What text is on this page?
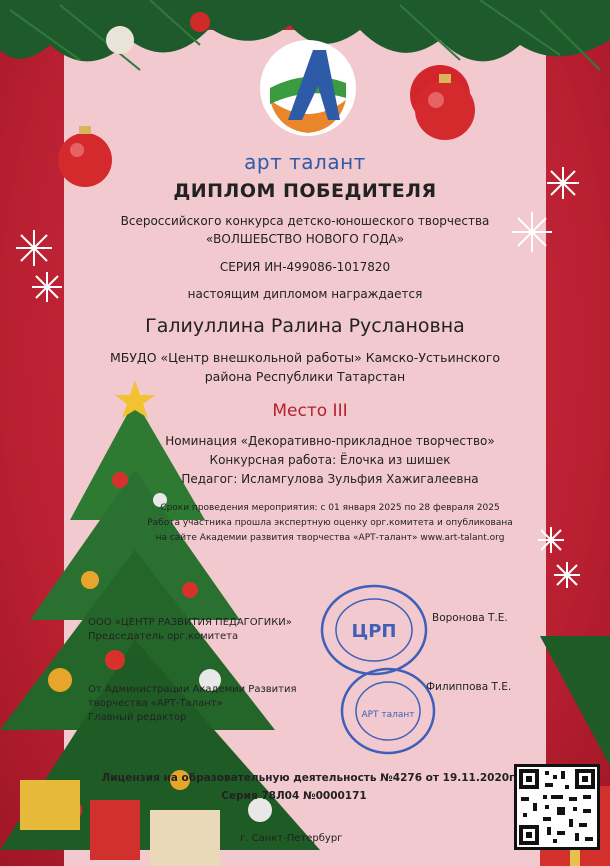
арт талант
ДИПЛОМ ПОБЕДИТЕЛЯ
Всероссийского конкурса детско-юношеского творчества
«ВОЛШЕБСТВО НОВОГО ГОДА»
СЕРИЯ ИН-499086-1017820
настоящим дипломом награждается
Галиуллина Ралина Руслановна
МБУДО «Центр внешкольной работы» Камско-Устьинского
района Республики Татарстан
Место III
Номинация «Декоративно-прикладное творчество»
Конкурсная работа: Ёлочка из шишек
Педагог: Исламгулова Зульфия Хажигалеевна
Сроки проведения мероприятия: с 01 января 2025 по 28 февраля 2025
Работа участника прошла экспертную оценку орг.комитета и опубликована
на сайте Академии развития творчества «АРТ-талант» www.art-talant.org
ЦРП
АРТ талант
ООО «ЦЕНТР РАЗВИТИЯ ПЕДАГОГИКИ»
Председатель орг.комитета
Воронова Т.Е.
От Администрации Академии Развития
творчества «АРТ-Талант»
Главный редактор
Филиппова Т.Е.
Лицензия на образовательную деятельность №4276 от 19.11.2020г.
Серия 78Л04 №0000171
г. Санкт-Петербург
